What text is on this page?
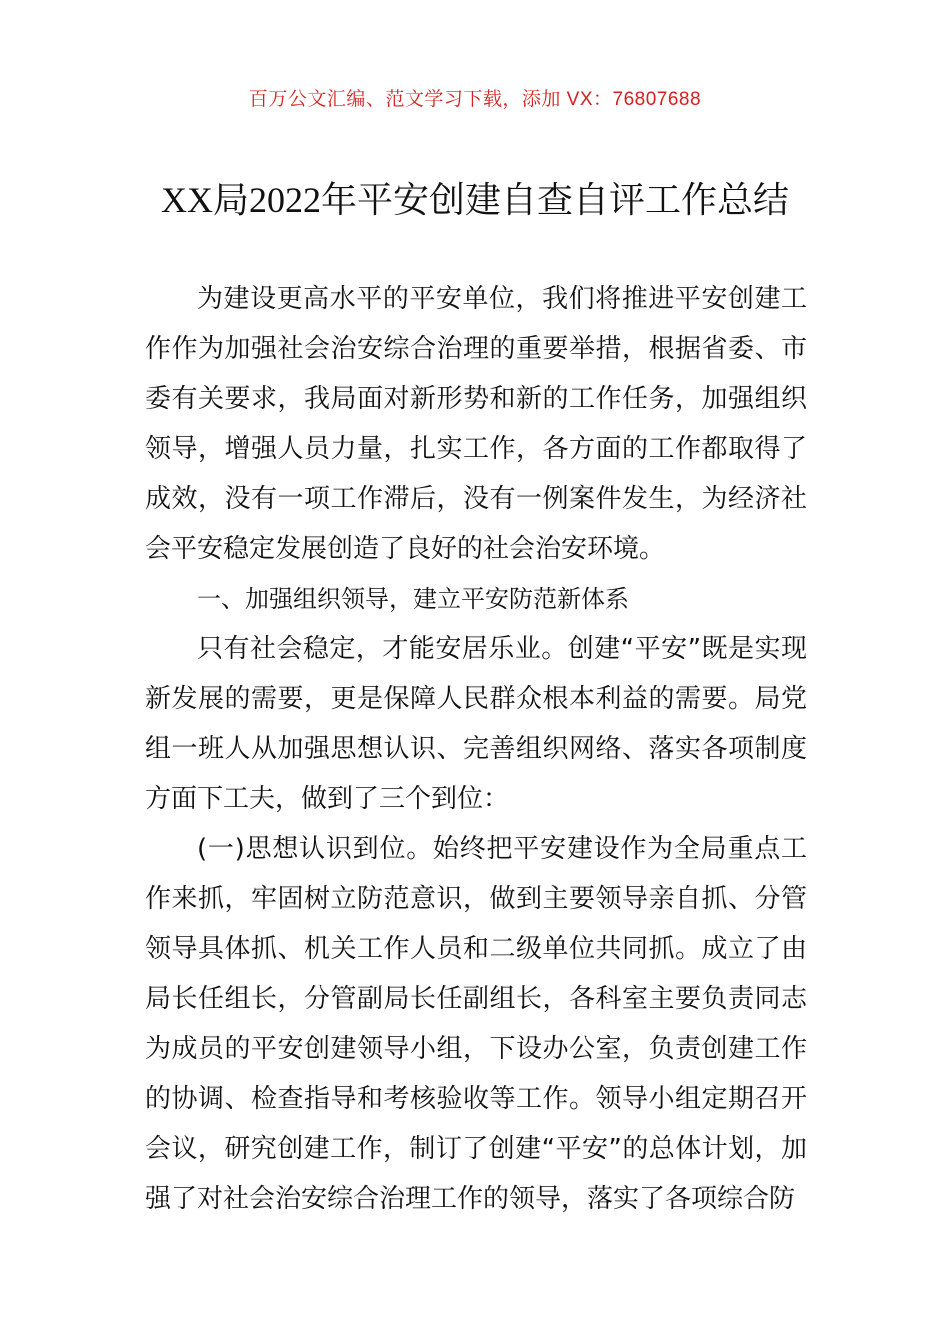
百万公文汇编、范文学习下载，添加 VX：76807688
XX局2022年平安创建自查自评工作总结

为建设更高水平的平安单位，我们将推进平安创建工作作为加强社会治安综合治理的重要举措，根据省委、市委有关要求，我局面对新形势和新的工作任务，加强组织领导，增强人员力量，扎实工作，各方面的工作都取得了成效，没有一项工作滞后，没有一例案件发生，为经济社会平安稳定发展创造了良好的社会治安环境。

一、加强组织领导，建立平安防范新体系

只有社会稳定，才能安居乐业。创建“平安”既是实现新发展的需要，更是保障人民群众根本利益的需要。局党组一班人从加强思想认识、完善组织网络、落实各项制度方面下工夫，做到了三个到位：

(一)思想认识到位。始终把平安建设作为全局重点工作来抓，牢固树立防范意识，做到主要领导亲自抓、分管领导具体抓、机关工作人员和二级单位共同抓。成立了由局长任组长，分管副局长任副组长，各科室主要负责同志为成员的平安创建领导小组，下设办公室，负责创建工作的协调、检查指导和考核验收等工作。领导小组定期召开会议，研究创建工作，制订了创建“平安”的总体计划，加强了对社会治安综合治理工作的领导，落实了各项综合防
